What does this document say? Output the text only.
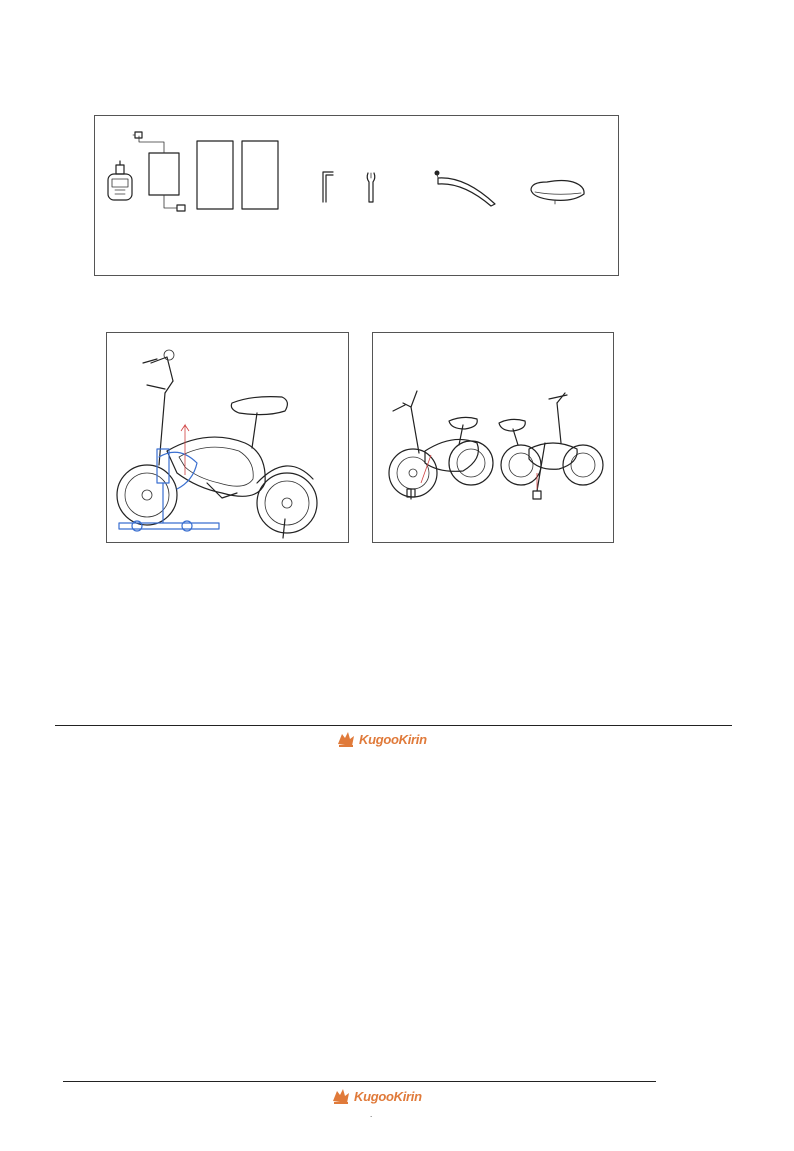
KugooKirin
KugooKirin
.
